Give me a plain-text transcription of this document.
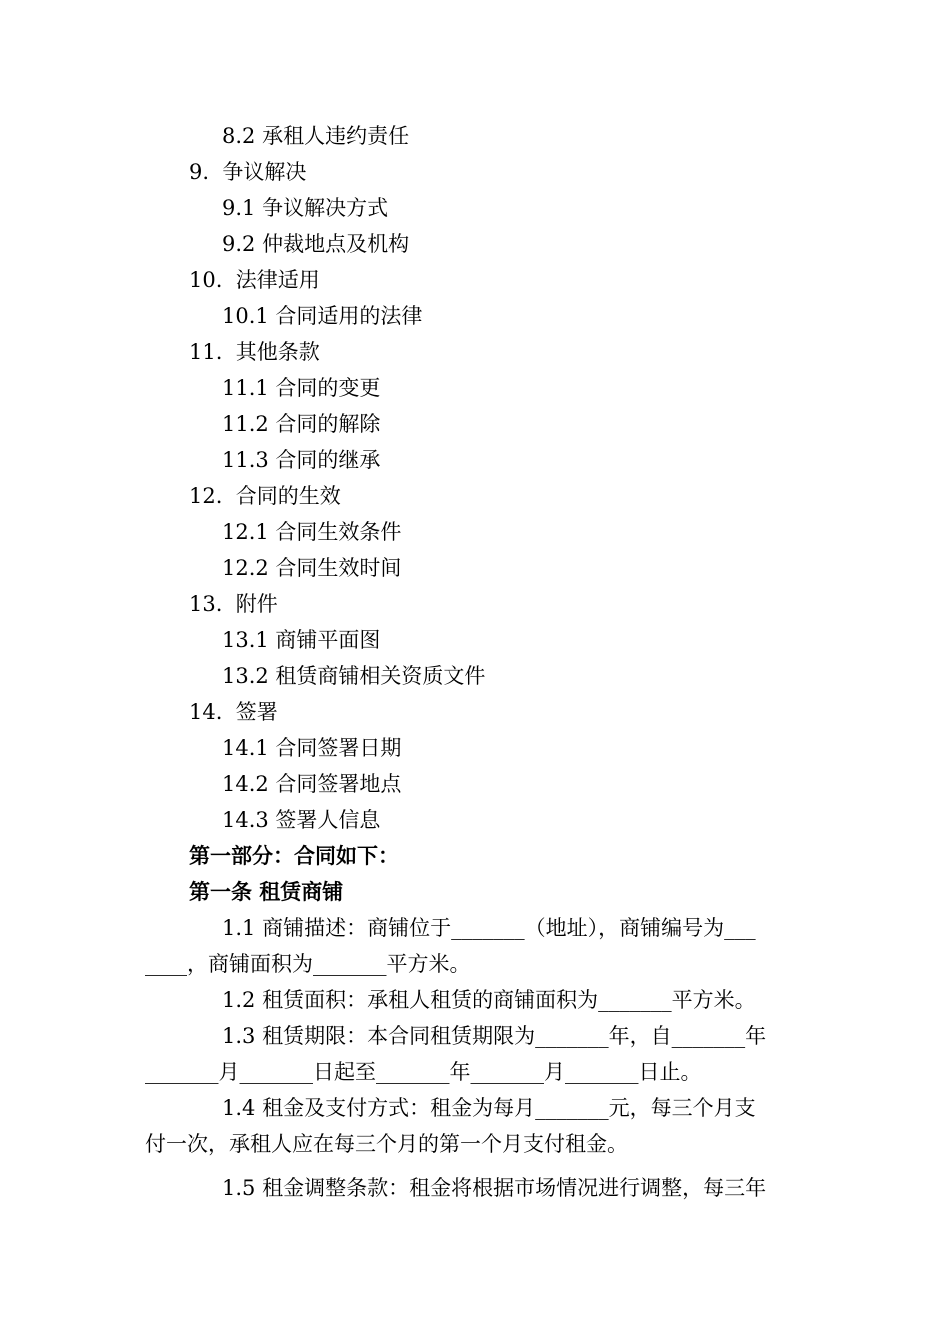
8.2 承租人违约责任
9.  争议解决
9.1 争议解决方式
9.2 仲裁地点及机构
10.  法律适用
10.1 合同适用的法律
11.  其他条款
11.1 合同的变更
11.2 合同的解除
11.3 合同的继承
12.  合同的生效
12.1 合同生效条件
12.2 合同生效时间
13.  附件
13.1 商铺平面图
13.2 租赁商铺相关资质文件
14.  签署
14.1 合同签署日期
14.2 合同签署地点
14.3 签署人信息
第一部分：合同如下：
第一条 租赁商铺
1.1 商铺描述：商铺位于_______（地址），商铺编号为___
____，商铺面积为_______平方米。
1.2 租赁面积：承租人租赁的商铺面积为_______平方米。
1.3 租赁期限：本合同租赁期限为_______年，自_______年
_______月_______日起至_______年_______月_______日止。
1.4 租金及支付方式：租金为每月_______元，每三个月支
付一次，承租人应在每三个月的第一个月支付租金。
1.5 租金调整条款：租金将根据市场情况进行调整，每三年
